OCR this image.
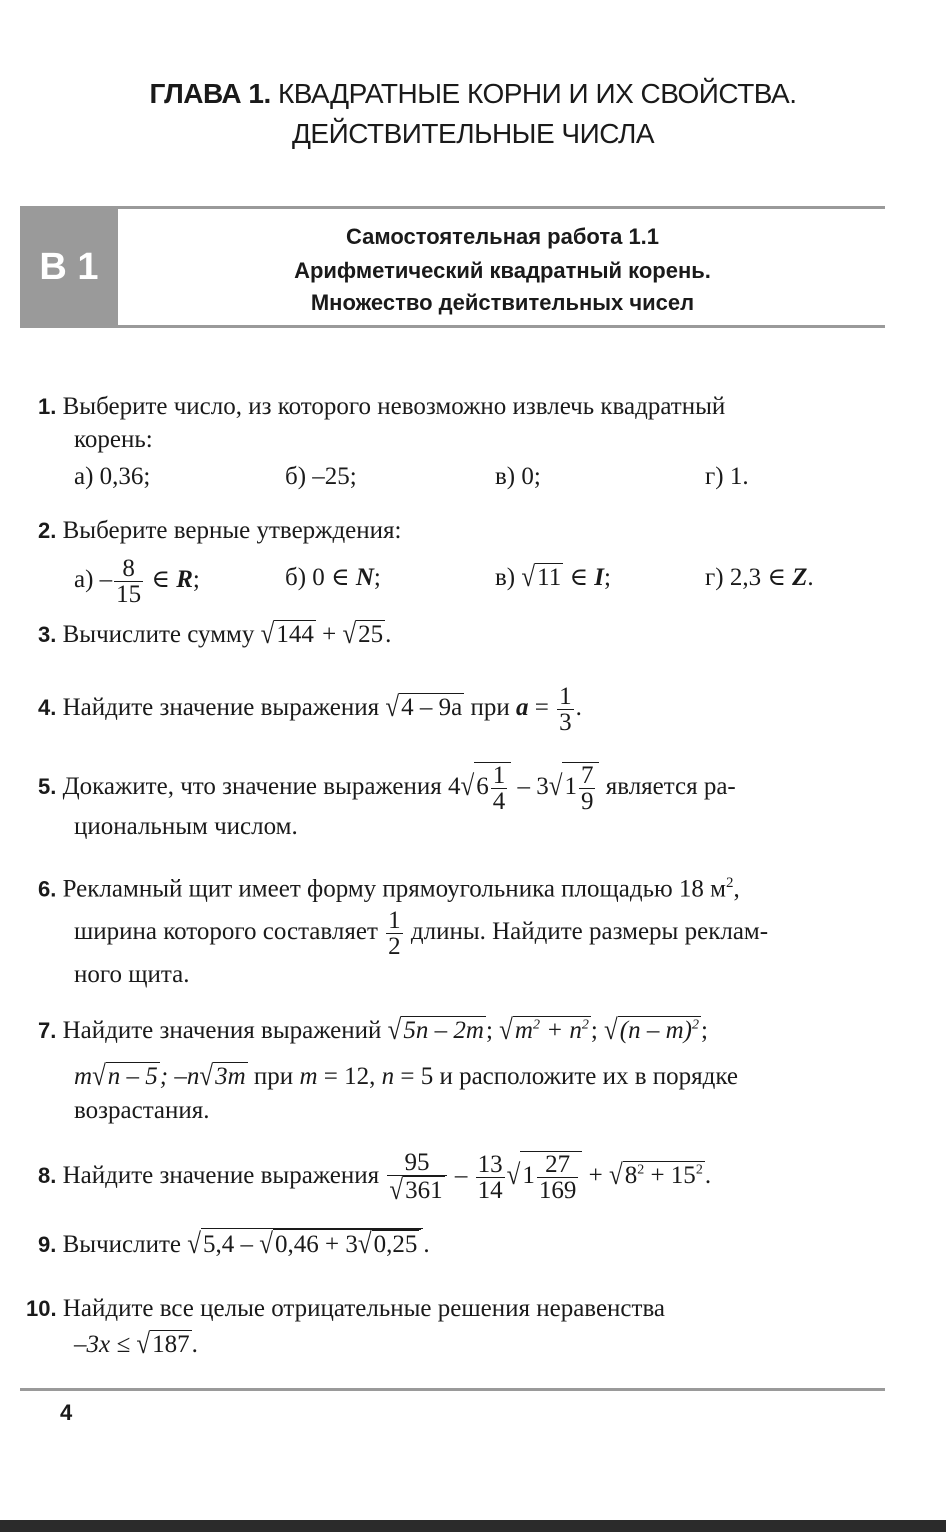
ГЛАВА 1. КВАДРАТНЫЕ КОРНИ И ИХ СВОЙСТВА.
ДЕЙСТВИТЕЛЬНЫЕ ЧИСЛА
В 1
Самостоятельная работа 1.1
Арифметический квадратный корень.
Множество действительных чисел
1. Выберите число, из которого невозможно извлечь квадратный
корень:
а) 0,36;	б) –25;	в) 0;	г) 1.
2. Выберите верные утверждения:
$а) - \frac{8}{15}$ ∈ R;	б) 0 ∈ N;	в) √11 ∈ I;	г) 2,3 ∈ Z.
3. Вычислите сумму √144 + √25.
4. Найдите значение выражения √4 – 9a при $a = \frac{1}{3}$ .
5. Докажите, что значение выражения $4√6 \frac{1}{4} - 3√1 \frac{7}{9}$ является ра-
циональным числом.
6. Рекламный щит имеет форму прямоугольника площадью 18 $м^2$,
ширина которого составляет $\frac{1}{2}$ длины. Найдите размеры реклам-
ного щита.
7. Найдите значения выражений √5n – 2m; $√m^2 + n^2$; √(n – m)$^2$;
m√n – 5; –n√3m при m = 12, n = 5 и расположите их в порядке
возрастания.
8. Найдите значение выражения $\frac{95}{√361} - \frac{13}{14} √1 \frac{27}{169} + √8^2 + 15^2$.
9. Вычислите √5,4 – √0,46 + 3√0,25 .
10. Найдите все целые отрицательные решения неравенства
–3x ≤ √187.
4
